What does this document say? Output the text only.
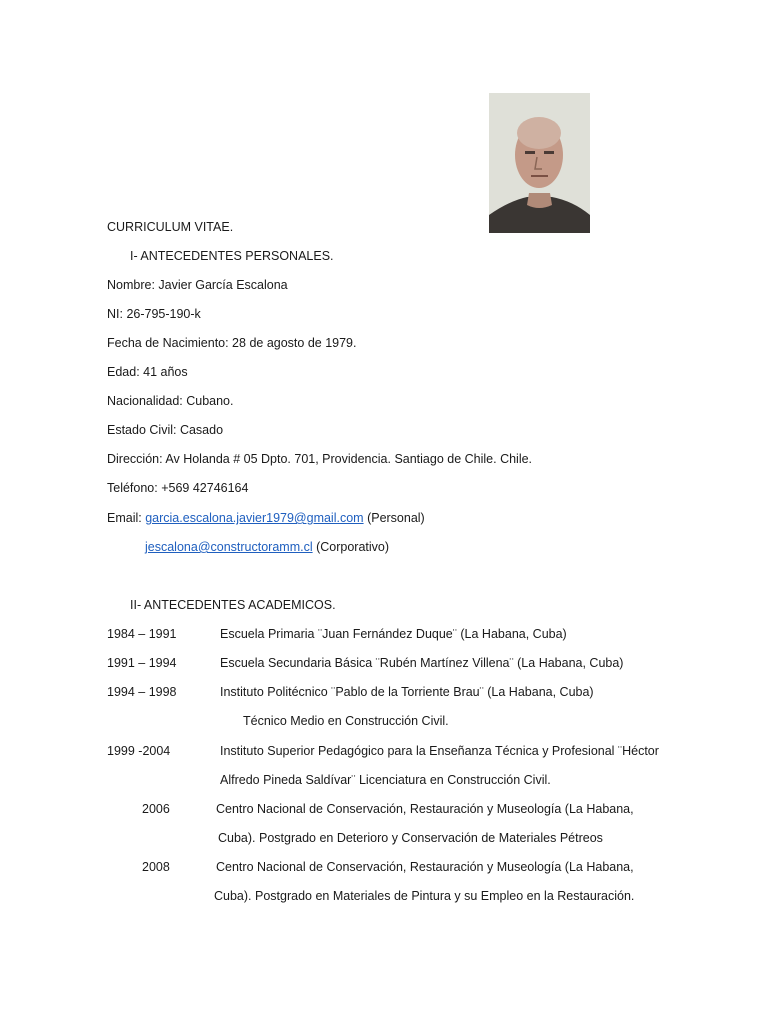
CURRICULUM VITAE.
I- ANTECEDENTES PERSONALES.
Nombre: Javier García Escalona
NI: 26-795-190-k
Fecha de Nacimiento: 28 de agosto de 1979.
Edad: 41 años
Nacionalidad: Cubano.
Estado Civil: Casado
Dirección: Av Holanda # 05 Dpto. 701, Providencia. Santiago de Chile. Chile.
Teléfono: +569 42746164
Email: garcia.escalona.javier1979@gmail.com (Personal)
jescalona@constructoramm.cl (Corporativo)
II- ANTECEDENTES ACADEMICOS.
1984 – 1991	Escuela Primaria ¨Juan Fernández Duque¨ (La Habana, Cuba)
1991 – 1994	Escuela Secundaria Básica ¨Rubén Martínez Villena¨ (La Habana, Cuba)
1994 – 1998	Instituto Politécnico ¨Pablo de la Torriente Brau¨ (La Habana, Cuba)
Técnico Medio en Construcción Civil.
1999 -2004	Instituto Superior Pedagógico para la Enseñanza Técnica y Profesional ¨Héctor
Alfredo Pineda Saldívar¨ Licenciatura en Construcción Civil.
2006	Centro Nacional de Conservación, Restauración y Museología (La Habana,
Cuba). Postgrado en Deterioro y Conservación de Materiales Pétreos
2008	Centro Nacional de Conservación, Restauración y Museología (La Habana,
Cuba). Postgrado en Materiales de Pintura y su Empleo en la Restauración.
